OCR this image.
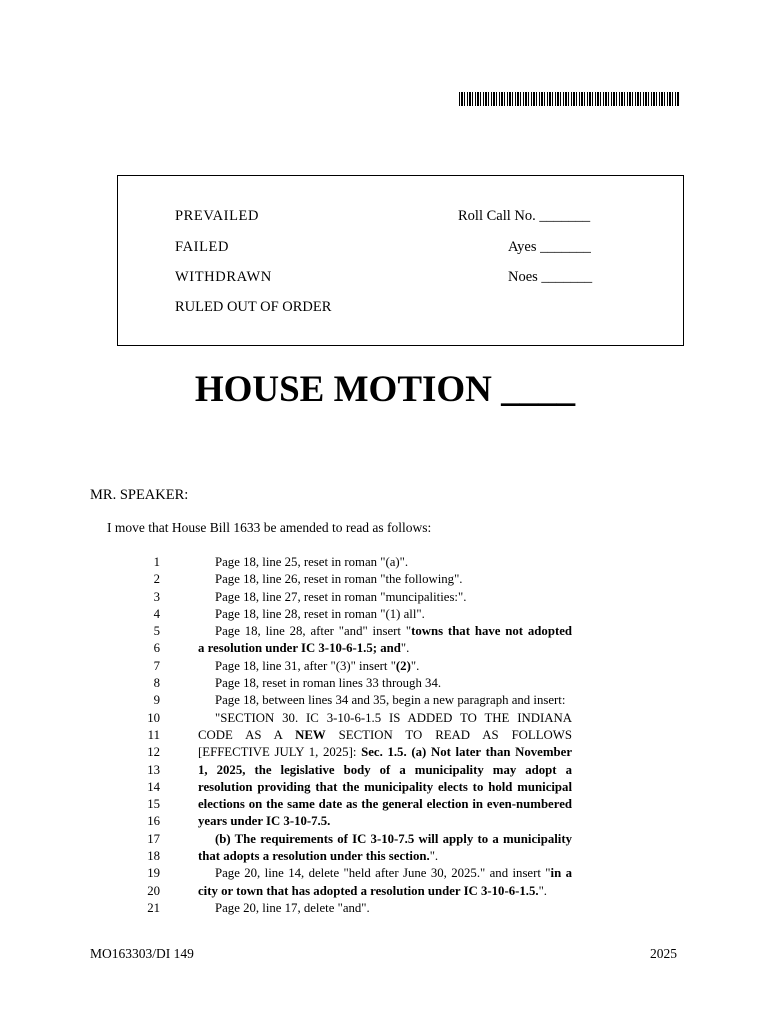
PREVAILED
FAILED
WITHDRAWN
RULED OUT OF ORDER
Roll Call No. _______
Ayes _______
Noes _______
HOUSE MOTION ____
MR. SPEAKER:
I move that House Bill 1633 be amended to read as follows:
1	Page 18, line 25, reset in roman "(a)".
2	Page 18, line 26, reset in roman "the following".
3	Page 18, line 27, reset in roman "muncipalities:".
4	Page 18, line 28, reset in roman "(1) all".
5	Page 18, line 28, after "and" insert "towns that have not adopted
6	a resolution under IC 3-10-6-1.5; and".
7	Page 18, line 31, after "(3)" insert "(2)".
8	Page 18, reset in roman lines 33 through 34.
9	Page 18, between lines 34 and 35, begin a new paragraph and insert:
10	"SECTION 30. IC 3-10-6-1.5 IS ADDED TO THE INDIANA
11	CODE AS A NEW SECTION TO READ AS FOLLOWS
12	[EFFECTIVE JULY 1, 2025]: Sec. 1.5. (a) Not later than November
13	1, 2025, the legislative body of a municipality may adopt a
14	resolution providing that the municipality elects to hold municipal
15	elections on the same date as the general election in even-numbered
16	years under IC 3-10-7.5.
17	(b) The requirements of IC 3-10-7.5 will apply to a municipality
18	that adopts a resolution under this section.".
19	Page 20, line 14, delete "held after June 30, 2025." and insert "in a
20	city or town that has adopted a resolution under IC 3-10-6-1.5.".
21	Page 20, line 17, delete "and".
MO163303/DI 149	2025
